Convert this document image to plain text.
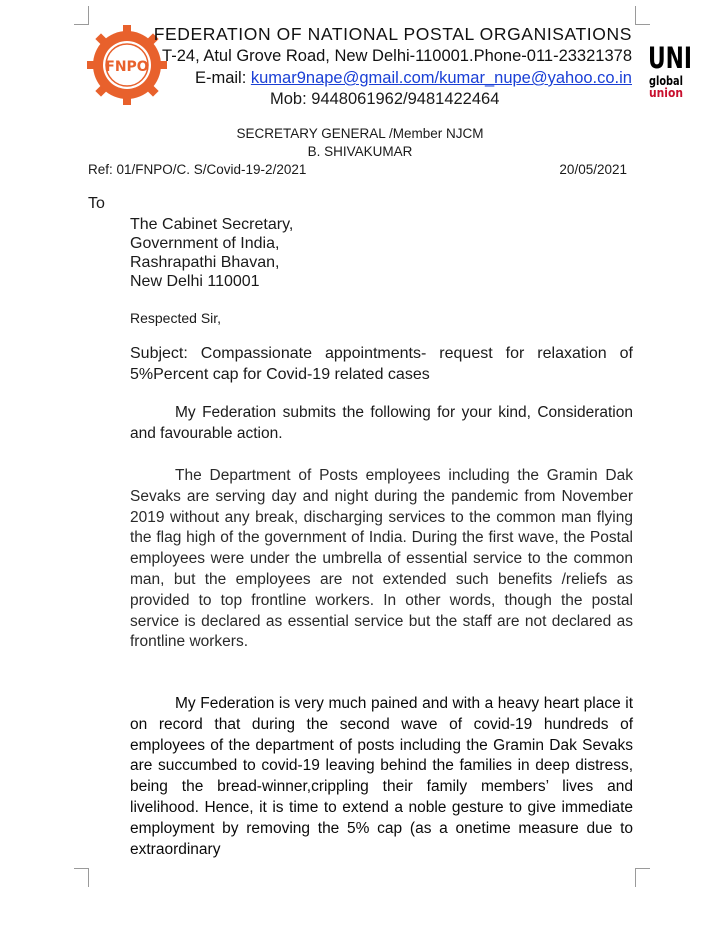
FNPO	UNI
global
union
FEDERATION OF NATIONAL POSTAL ORGANISATIONS
T-24, Atul Grove Road, New Delhi-110001.Phone-011-23321378
E-mail: kumar9nape@gmail.com/kumar_nupe@yahoo.co.in
Mob: 9448061962/9481422464
SECRETARY GENERAL /Member NJCM
B. SHIVAKUMAR
Ref: 01/FNPO/C. S/Covid-19-2/2021	20/05/2021
To
The Cabinet Secretary,
Government of India,
Rashrapathi Bhavan,
New Delhi 110001
Respected Sir,
Subject: Compassionate appointments- request for relaxation of 5%Percent cap for Covid-19 related cases
My Federation submits the following for your kind, Consideration and favourable action.
The Department of Posts employees including the Gramin Dak Sevaks are serving day and night during the pandemic from November 2019 without any break, discharging services to the common man flying the flag high of the government of India. During the first wave, the Postal employees were under the umbrella of essential service to the common man, but the employees are not extended such benefits /reliefs as provided to top frontline workers. In other words, though the postal service is declared as essential service but the staff are not declared as frontline workers.
My Federation is very much pained and with a heavy heart place it on record that during the second wave of covid-19 hundreds of employees of the department of posts including the Gramin Dak Sevaks are succumbed to covid-19 leaving behind the families in deep distress, being the bread-winner,crippling their family members’ lives and livelihood. Hence, it is time to extend a noble gesture to give immediate employment by removing the 5% cap (as a onetime measure due to extraordinary
